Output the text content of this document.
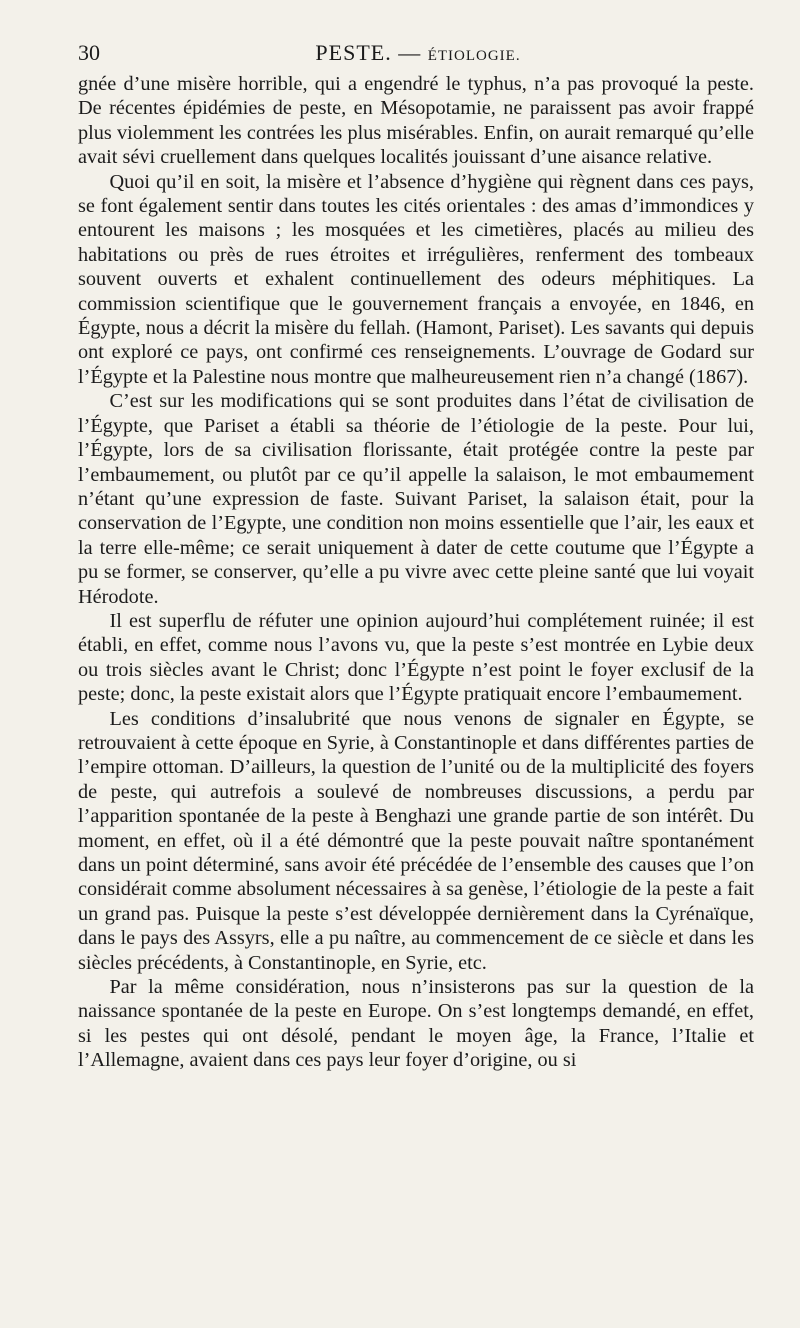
30	PESTE. — ÉTIOLOGIE.

gnée d’une misère horrible, qui a engendré le typhus, n’a pas provoqué la peste. De récentes épidémies de peste, en Mésopotamie, ne paraissent pas avoir frappé plus violemment les contrées les plus misérables. Enfin, on aurait remarqué qu’elle avait sévi cruellement dans quelques localités jouissant d’une aisance relative.

Quoi qu’il en soit, la misère et l’absence d’hygiène qui règnent dans ces pays, se font également sentir dans toutes les cités orientales : des amas d’immondices y entourent les maisons ; les mosquées et les cimetières, placés au milieu des habitations ou près de rues étroites et irrégulières, renferment des tombeaux souvent ouverts et exhalent continuellement des odeurs méphitiques. La commission scientifique que le gouvernement français a envoyée, en 1846, en Égypte, nous a décrit la misère du fellah. (Hamont, Pariset). Les savants qui depuis ont exploré ce pays, ont confirmé ces renseignements. L’ouvrage de Godard sur l’Égypte et la Palestine nous montre que malheureusement rien n’a changé (1867).

C’est sur les modifications qui se sont produites dans l’état de civilisation de l’Égypte, que Pariset a établi sa théorie de l’étiologie de la peste. Pour lui, l’Égypte, lors de sa civilisation florissante, était protégée contre la peste par l’embaumement, ou plutôt par ce qu’il appelle la salaison, le mot embaumement n’étant qu’une expression de faste. Suivant Pariset, la salaison était, pour la conservation de l’Egypte, une condition non moins essentielle que l’air, les eaux et la terre elle-même; ce serait uniquement à dater de cette coutume que l’Égypte a pu se former, se conserver, qu’elle a pu vivre avec cette pleine santé que lui voyait Hérodote.

Il est superflu de réfuter une opinion aujourd’hui complétement ruinée; il est établi, en effet, comme nous l’avons vu, que la peste s’est montrée en Lybie deux ou trois siècles avant le Christ; donc l’Égypte n’est point le foyer exclusif de la peste; donc, la peste existait alors que l’Égypte pratiquait encore l’embaumement.

Les conditions d’insalubrité que nous venons de signaler en Égypte, se retrouvaient à cette époque en Syrie, à Constantinople et dans différentes parties de l’empire ottoman. D’ailleurs, la question de l’unité ou de la multiplicité des foyers de peste, qui autrefois a soulevé de nombreuses discussions, a perdu par l’apparition spontanée de la peste à Benghazi une grande partie de son intérêt. Du moment, en effet, où il a été démontré que la peste pouvait naître spontanément dans un point déterminé, sans avoir été précédée de l’ensemble des causes que l’on considérait comme absolument nécessaires à sa genèse, l’étiologie de la peste a fait un grand pas. Puisque la peste s’est développée dernièrement dans la Cyrénaïque, dans le pays des Assyrs, elle a pu naître, au commencement de ce siècle et dans les siècles précédents, à Constantinople, en Syrie, etc.

Par la même considération, nous n’insisterons pas sur la question de la naissance spontanée de la peste en Europe. On s’est longtemps demandé, en effet, si les pestes qui ont désolé, pendant le moyen âge, la France, l’Italie et l’Allemagne, avaient dans ces pays leur foyer d’origine, ou si
